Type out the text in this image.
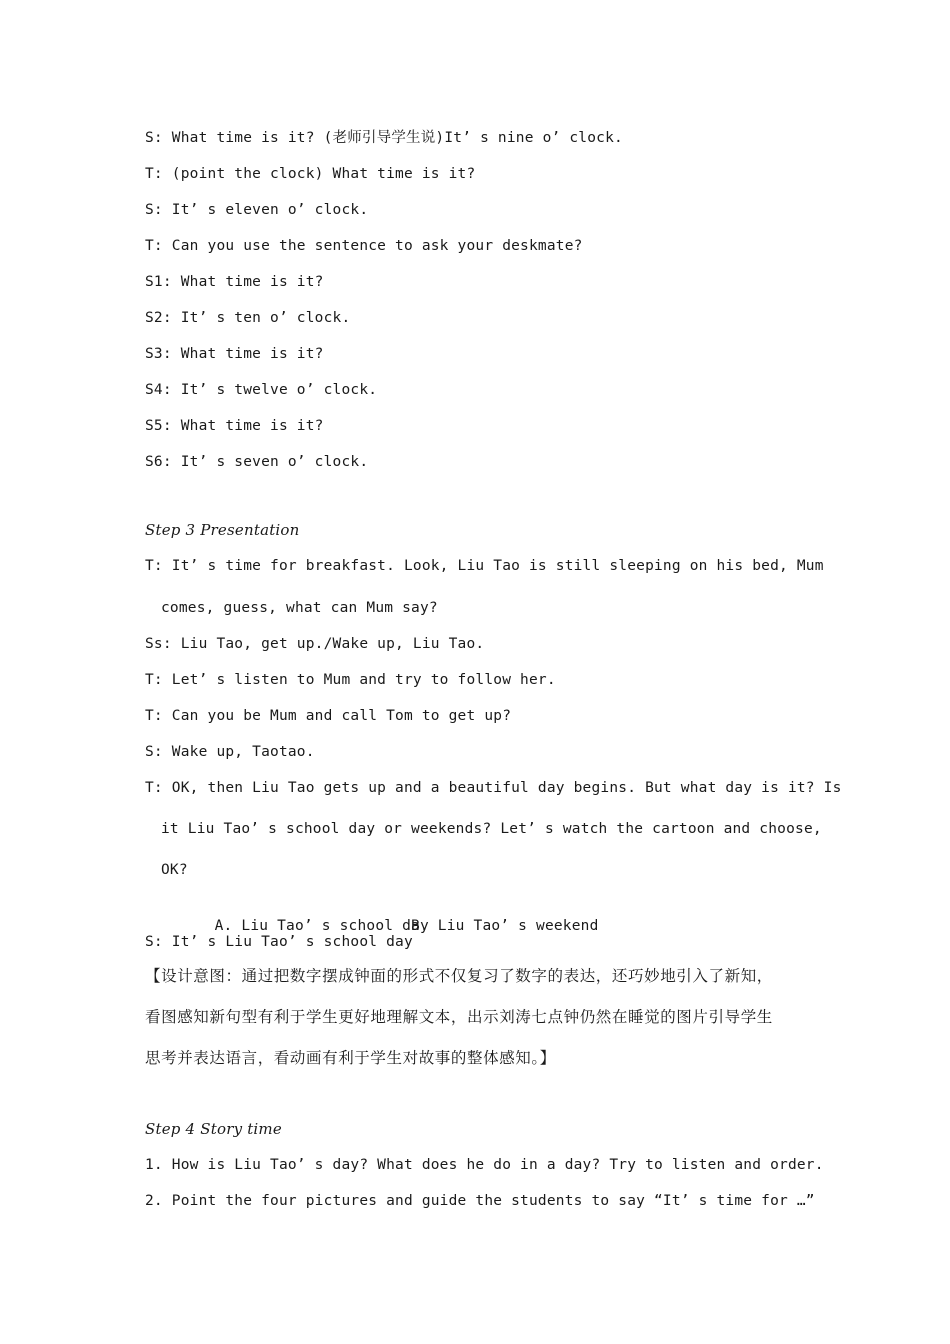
S: What time is it? (老师引导学生说)It’ s nine o’ clock.
T: (point the clock) What time is it?
S: It’ s eleven o’ clock.
T: Can you use the sentence to ask your deskmate?
S1: What time is it?
S2: It’ s ten o’ clock.
S3: What time is it?
S4: It’ s twelve o’ clock.
S5: What time is it?
S6: It’ s seven o’ clock.
Step 3 Presentation
T: It’ s time for breakfast. Look, Liu Tao is still sleeping on his bed, Mum
comes, guess, what can Mum say?
Ss: Liu Tao, get up./Wake up, Liu Tao.
T: Let’ s listen to Mum and try to follow her.
T: Can you be Mum and call Tom to get up?
S: Wake up, Taotao.
T: OK, then Liu Tao gets up and a beautiful day begins. But what day is it? Is
it Liu Tao’ s school day or weekends? Let’ s watch the cartoon and choose,
OK?

A. Liu Tao’ s school day
B. Liu Tao’ s weekend

S: It’ s Liu Tao’ s school day
【设计意图：通过把数字摆成钟面的形式不仅复习了数字的表达，还巧妙地引入了新知，
看图感知新句型有利于学生更好地理解文本，出示刘涛七点钟仍然在睡觉的图片引导学生
思考并表达语言，看动画有利于学生对故事的整体感知。】
Step 4 Story time
1. How is Liu Tao’ s day? What does he do in a day? Try to listen and order.
2. Point the four pictures and guide the students to say “It’ s time for …”
